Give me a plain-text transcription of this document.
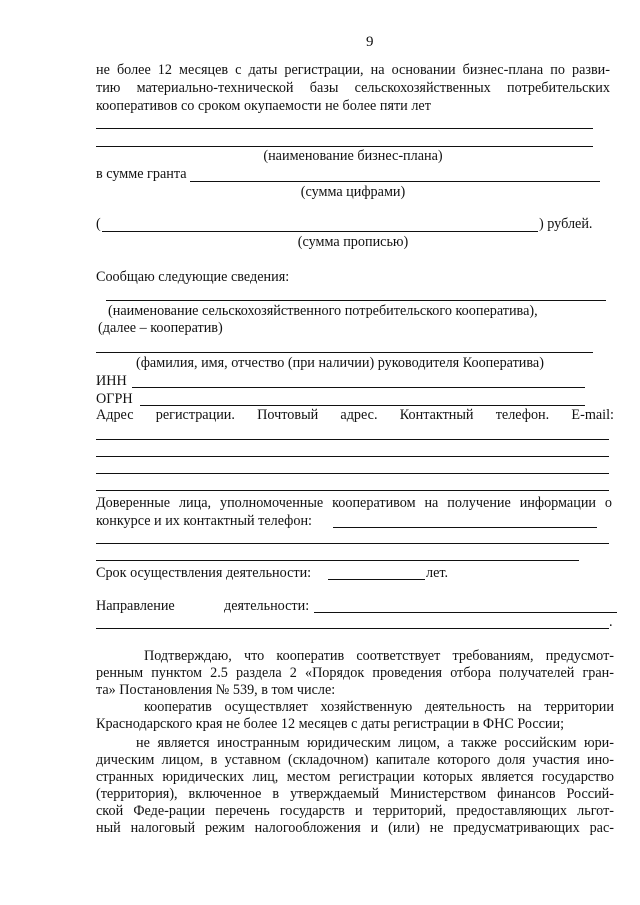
9
не более 12 месяцев с даты регистрации, на основании бизнес-плана по разви-
тию материально-технической базы сельскохозяйственных потребительских
кооперативов со сроком окупаемости не более пяти лет
(наименование бизнес-плана)
в сумме гранта
(сумма цифрами)
(	) рублей.
(сумма прописью)
Сообщаю следующие сведения:
(наименование сельскохозяйственного потребительского кооператива),
(далее – кооператив)
(фамилия, имя, отчество (при наличии) руководителя Кооператива)
ИНН
ОГРН
Адрес регистрации. Почтовый адрес. Контактный телефон. E-mail:
Доверенные лица, уполномоченные кооперативом на получение информации о
конкурсе и их контактный телефон:
Срок осуществления деятельности:	лет.
Направление	деятельности:
.
Подтверждаю, что кооператив соответствует требованиям, предусмот-
ренным пунктом 2.5 раздела 2 «Порядок проведения отбора получателей гран-
та» Постановления № 539, в том числе:
кооператив осуществляет хозяйственную деятельность на территории
Краснодарского края не более 12 месяцев с даты регистрации в ФНС России;
не является иностранным юридическим лицом, а также российским юри-
дическим лицом, в уставном (складочном) капитале которого доля участия ино-
странных юридических лиц, местом регистрации которых является государство
(территория), включенное в утверждаемый Министерством финансов Россий-
ской Феде-рации перечень государств и территорий, предоставляющих льгот-
ный налоговый режим налогообложения и (или) не предусматривающих рас-
